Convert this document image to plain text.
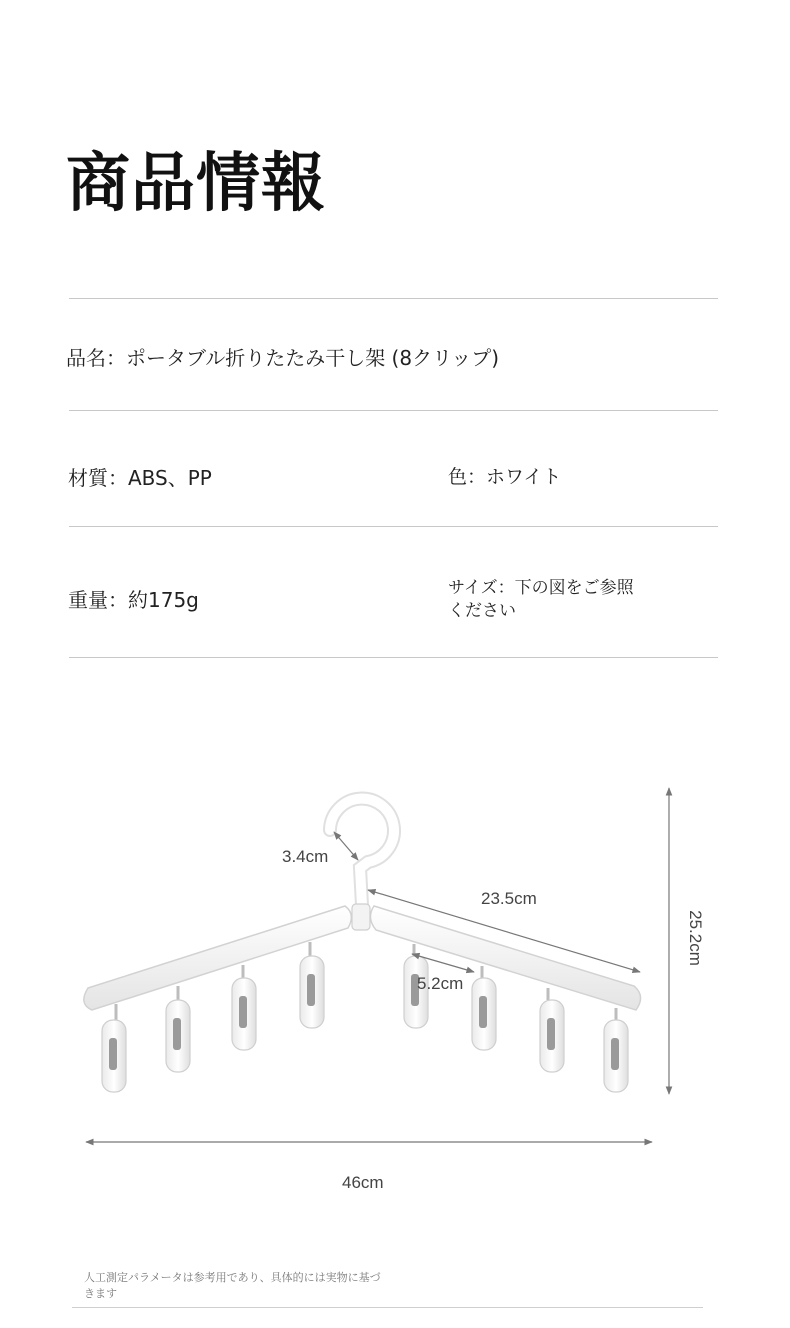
商品情報
品名：ポータブル折りたたみ干し架 (8クリップ)
材質：ABS、PP	色：ホワイト
重量：約175g	サイズ：下の図をご参照ください
3.4cm
23.5cm
5.2cm
25.2cm
46cm
人工測定パラメータは参考用であり、具体的には実物に基づきます
